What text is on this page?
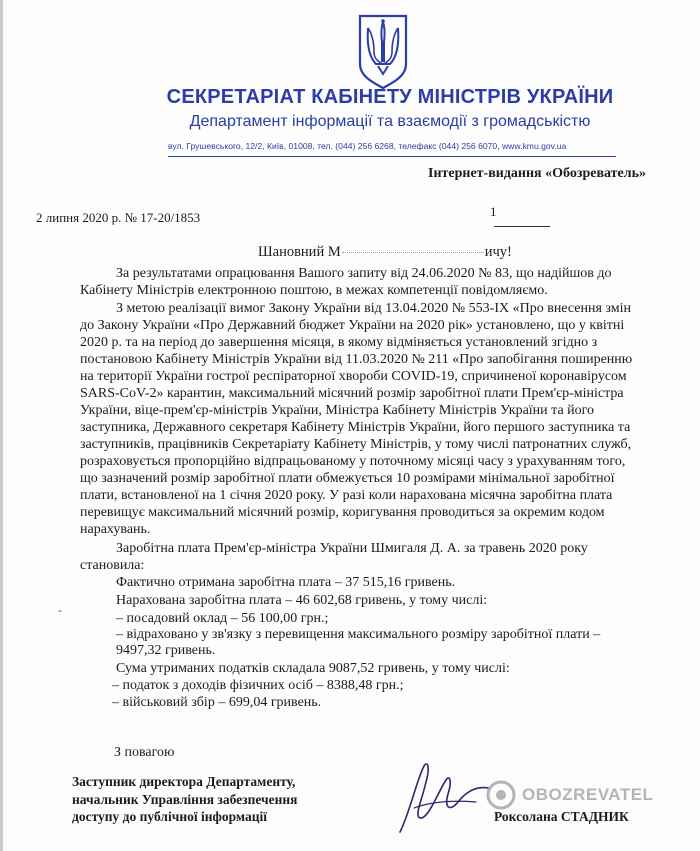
СЕКРЕТАРІАТ КАБІНЕТУ МІНІСТРІВ УКРАЇНИ
Департамент інформації та взаємодії з громадськістю
вул. Грушевського, 12/2, Київ, 01008, тел. (044) 256 6268, телефакс (044) 256 6070, www.kmu.gov.ua
Інтернет-видання «Обозреватель»
2 липня 2020 р. № 17-20/1853	1
Шановний М	ичу!
За результатами опрацювання Вашого запиту від 24.06.2020 № 83, що надійшов до
Кабінету Міністрів електронною поштою, в межах компетенції повідомляємо.
З метою реалізації вимог Закону України від 13.04.2020 № 553-ІХ «Про внесення змін
до Закону України «Про Державний бюджет України на 2020 рік» установлено, що у квітні
2020 р. та на період до завершення місяця, в якому відміняється установлений згідно з
постановою Кабінету Міністрів України від 11.03.2020 № 211 «Про запобігання поширенню
на території України гострої респіраторної хвороби COVID-19, спричиненої коронавірусом
SARS-CoV-2» карантин, максимальний місячний розмір заробітної плати Прем'єр-міністра
України, віце-прем'єр-міністрів України, Міністра Кабінету Міністрів України та його
заступника, Державного секретаря Кабінету Міністрів України, його першого заступника та
заступників, працівників Секретаріату Кабінету Міністрів, у тому числі патронатних служб,
розраховується пропорційно відпрацьованому у поточному місяці часу з урахуванням того,
що зазначений розмір заробітної плати обмежується 10 розмірами мінімальної заробітної
плати, встановленої на 1 січня 2020 року. У разі коли нарахована місячна заробітна плата
перевищує максимальний місячний розмір, коригування проводиться за окремим кодом
нарахувань.
Заробітна плата Прем'єр-міністра України Шмигаля Д. А. за травень 2020 року
становила:
Фактично отримана заробітна плата – 37 515,16 гривень.
Нарахована заробітна плата – 46 602,68 гривень, у тому числі:
-
– посадовий оклад – 56 100,00 грн.;
– відраховано у зв'язку з перевищення максимального розміру заробітної плати –
9497,32 гривень.
Сума утриманих податків складала 9087,52 гривень, у тому числі:
– податок з доходів фізичних осіб – 8388,48 грн.;
– військовий збір – 699,04 гривень.
З повагою
Заступник директора Департаменту,
начальник Управління забезпечення
доступу до публічної інформації	Роксолана СТАДНИК
OBOZREVATEL
